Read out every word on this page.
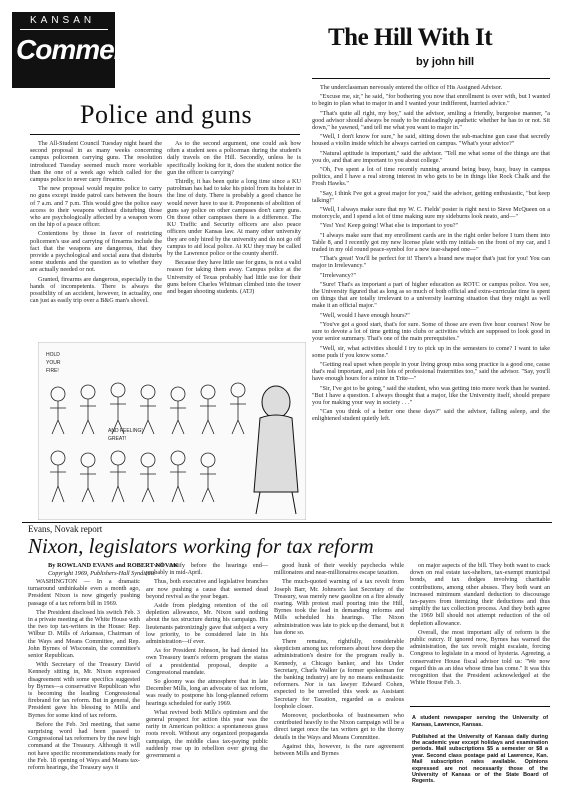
KANSAN
Comment	The Hill With It
by john hill

The underclassman nervously entered the office of His Assigned Advisor.

"Excuse me, sir," he said, "for bothering you now that enrollment is over with, but I wanted to begin to plan what to major in and I wanted your indifferent, hurried advice."

"That's quite all right, my boy," said the advisor, smiling a friendly, burgeoise manner, "a good advisor should always be ready to be misleadingly apathetic whether he has to or not. Sit down," he yawned, "and tell me what you want to major in."

"Well, I don't know for sure," he said, sitting down the sub-machine gun case that secretly housed a violin inside which he always carried on campus. "What's your advice?"

"Natural aptitude is important," said the advisor. "Tell me what some of the things are that you do, and that are important to you about college."

"Oh, I've spent a lot of time recently running around being busy, busy, busy in campus politics, and I have a real strong interest in who gets to be in things like Rock Chalk and the Frosh Hawks."

"Say, I think I've got a great major for you," said the advisor, getting enthusiastic, "but keep talking!"

"Well, I always make sure that my W. C. Fields' poster is right next to Steve McQueen on a motorcycle, and I spend a lot of time making sure my sideburns look neato, and—"

"Yes! Yes! Keep going! What else is important to you?"

"I always make sure that my enrollment cards are in the right order before I turn them into Table 8, and I recently got my new license plate with my initials on the front of my car, and I traded in my old round peace-symbol for a new tear-shaped one—"

"That's great! You'll be perfect for it! There's a brand new major that's just for you! You can major in Irrelevancy."

"Irrelevancy?"

"Sure! That's as important a part of higher education as ROTC or campus police. You see, the University figured that as long as so much of both official and extra-curricular time is spent on things that are totally irrelevant to a university learning situation that they might as well make it an official major."

"Well, would I have enough hours?"

"You've got a good start, that's for sure. Some of those are even five hour courses! Now be sure to devote a lot of time getting into clubs or activities which are supposed to look good in your senior summary. That's one of the main prerequisites."

"Well, sir, what activities should I try to pick up in the semesters to come? I want to take some puds if you know some."

"Getting real upset when people in your living group miss song practice is a good one, cause that's real important, and join lots of professional fraternities too," said the advisor. "Say, you'll have enough hours for a minor in Trite—"

"Sir, I've got to be going," said the student, who was getting into more work than he wanted. "But I have a question. I always thought that a major, like the University itself, should prepare you for making your way in society . . ."

"Can you think of a better one these days?" said the advisor, falling asleep, and the enlightened student quietly left.

Police and guns

The All-Student Council Tuesday night heard the second proposal in as many weeks concerning campus policemen carrying guns. The resolution introduced Tuesday seemed much more workable than the one of a week ago which called for the campus police to never carry firearms.

The new proposal would require police to carry no guns except inside patrol cars between the hours of 7 a.m. and 7 p.m. This would give the police easy access to their weapons without disturbing those who are psychologically affected by a weapon worn on the hip of a peace officer.

Contentions by those in favor of restricting policemen's use and carrying of firearms include the fact that the weapons are dangerous, that they provide a psychological and social aura that disturbs some students and the question as to whether they are actually needed or not.

Granted, firearms are dangerous, especially in the hands of incompetents. There is always the possibility of an accident, however, in actuality, one can just as easily trip over a B&G man's shovel.

As to the second argument, one could ask how often a student sees a policeman during the student's daily travels on the Hill. Secondly, unless he is specifically looking for it, does the student notice the gun the officer is carrying?

Thirdly, it has been quite a long time since a KU patrolman has had to take his pistol from its holster in the line of duty. There is probably a good chance he would never have to use it. Proponents of abolition of guns say police on other campuses don't carry guns. On those other campuses there is a difference. The KU Traffic and Security officers are also peace officers under Kansas law. At many other university they are only hired by the university and do not go off campus to aid local police. At KU they may be called by the Lawrence police or the county sheriff.

Because they have little use for guns, is not a valid reason for taking them away. Campus police at the University of Texas probably had little use for their guns before Charles Whitman climbed into the tower and began shooting students. (ATJ)

HOLD
YOUR
FIRE!
AND FEELING!
GREAT!
Evans, Novak report
Nixon, legislators working for tax reform
By ROWLAND EVANS and ROBERT NOVAK
Copyright 1969, Publishers-Hall Syndicate

WASHINGTON — In a dramatic turnaround unthinkable even a month ago, President Nixon is now gingerly pushing passage of a tax reform bill in 1969.

The President disclosed his switch Feb. 3 in a private meeting at the White House with the two top tax-writers in the House: Rep. Wilbur D. Mills of Arkansas, Chairman of the Ways and Means Committee, and Rep. John Byrnes of Wisconsin, the committee's senior Republican.

With Secretary of the Treasury David Kennedy sitting in, Mr. Nixon expressed disagreement with some specifics suggested by Byrnes—a conservative Republican who is becoming the leading Congressional firebrand for tax reform. But in general, the President gave his blessing to Mills and Byrnes for some kind of tax reform.

Before the Feb. 3rd meeting, that same surprising word had been passed to Congressional tax reformers by the new high command at the Treasury. Although it will not have specific recommendations ready for the Feb. 18 opening of Ways and Means tax-reform hearings, the Treasury says it

will testify before the hearings end—probably in mid-April.

Thus, both executive and legislative branches are now pushing a cause that seemed dead beyond revival as the year began.

Aside from pledging retention of the oil depletion allowance, Mr. Nixon said nothing about the tax structure during his campaign. His lieutenants patronizingly gave that subject a very low priority, to be considered late in his administration—if ever.

As for President Johnson, he had denied his own Treasury team's reform program the status of a presidential proposal, despite a Congressional mandate.

So gloomy was the atmosphere that in late December Mills, long an advocate of tax reform, was ready to postpone his long-planned reform hearings scheduled for early 1969.

What revived both Mills's optimism and the general prospect for action this year was the rarity in American politics: a spontaneous grass roots revolt. Without any organized propaganda campaign, the middle class tax-paying public suddenly rose up in rebellion over giving the government a

good hunk of their weekly paychecks while millionaires and near-millionaires escape taxation.

The much-quoted warning of a tax revolt from Joseph Barr, Mr. Johnson's last Secretary of the Treasury, was merely new gasoline on a fire already roaring. With protest mail pouring into the Hill, Byrnes took the lead in demanding reforms and Mills scheduled his hearings. The Nixon administration was late to pick up the demand, but it has done so.

There remains, rightfully, considerable skepticism among tax reformers about how deep the administration's desire for the program really is. Kennedy, a Chicago banker, and his Under Secretary, Charls Walker (a former spokesman for the banking industry) are by no means enthusiastic reformers. Nor is tax lawyer Edward Cohen, expected to be unveiled this week as Assistant Secretary for Taxation, regarded as a zealous loophole closer.

Moreover, pocketbooks of businessmen who contributed heavily to the Nixon campaign will be a direct target once the tax writers get to the thorny details in the Ways and Means Committee.

Against this, however, is the rare agreement between Mills and Byrnes

on major aspects of the bill. They both want to crack down on real estate tax-shelters, tax-exempt municipal bonds, and tax dodges involving charitable contributions, among other abuses. They both want an increased minimum standard deduction to discourage tax-payers from itemizing their deductions and thus simplify the tax collection process. And they both agree the 1969 bill should not attempt reduction of the oil depletion allowance.

Overall, the most important ally of reform is the public outcry. If ignored now, Byrnes has warned the administration, the tax revolt might escalate, forcing Congress to legislate in a mood of hysteria. Agreeing, a conservative House fiscal advisor told us: "We now regard this as an idea whose time has come." It was this recognition that the President acknowledged at the White House Feb. 3.

A student newspaper serving the University of Kansas, Lawrence, Kansas.

Published at the University of Kansas daily during the academic year except holidays and examination periods. Mail subscriptions $5 a semester or $8 a year. Second class postage paid at Lawrence, Kan. Mail subscription rates available. Opinions expressed are not necessarily those of the University of Kansas or of the State Board of Regents.
